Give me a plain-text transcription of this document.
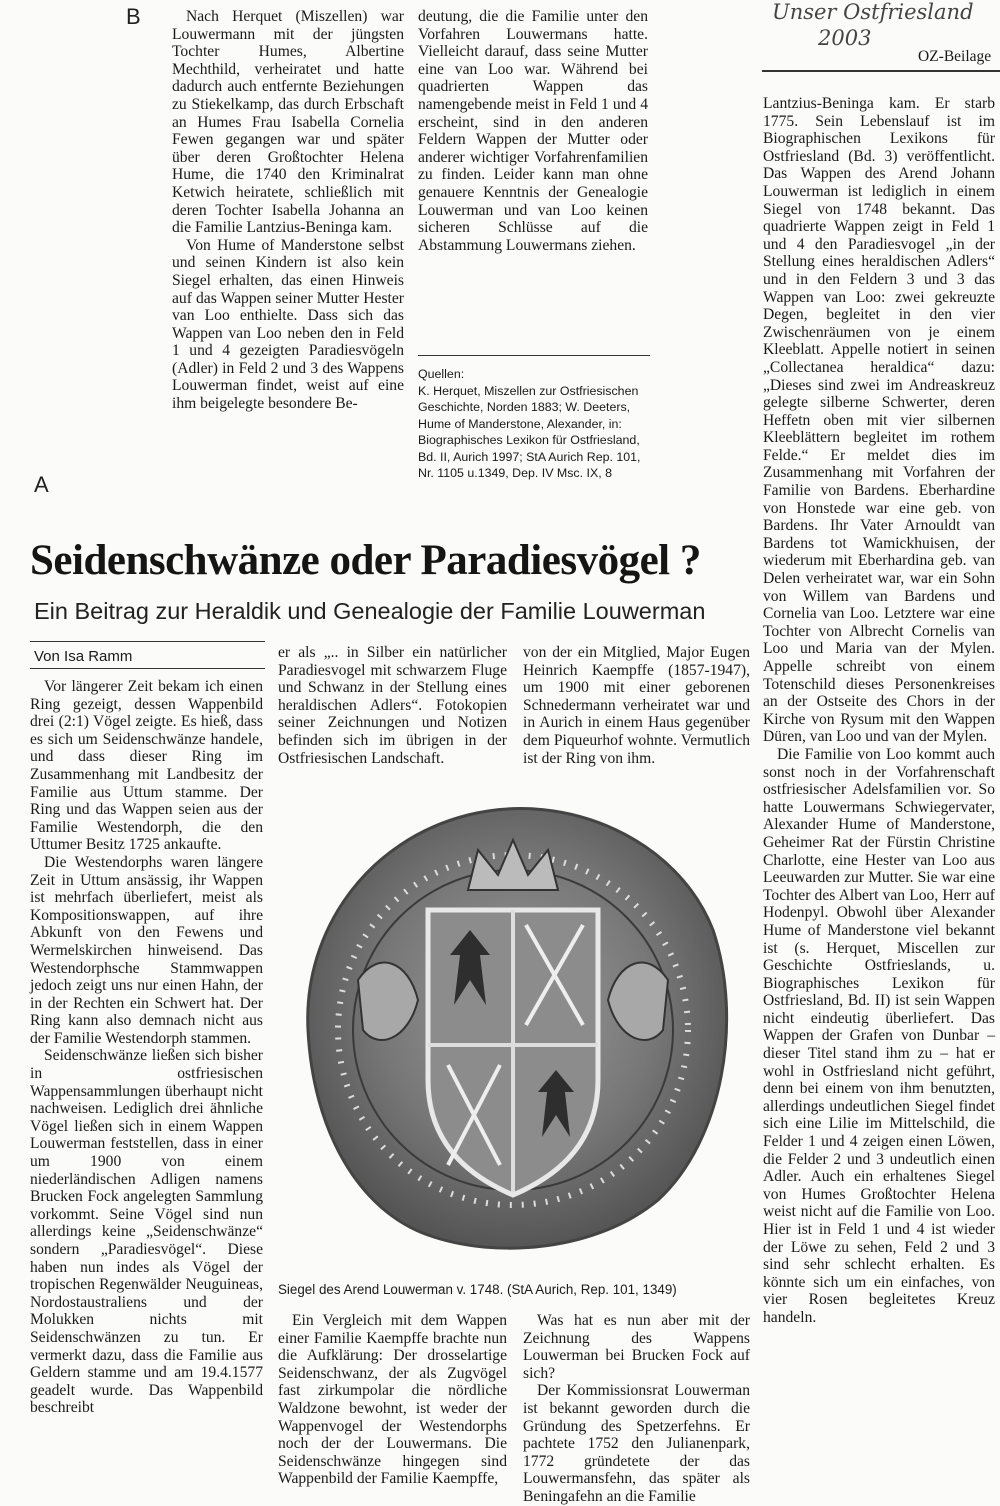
Unser Ostfriesland
2003
OZ-Beilage
B	Nach Herquet (Miszellen) war Louwermann mit der jüngsten Tochter Humes, Albertine Mechthild, verheiratet und hatte dadurch auch entfernte Beziehungen zu Stiekelkamp, das durch Erbschaft an Humes Frau Isabella Cornelia Fewen gegangen war und später über deren Großtochter Helena Hume, die 1740 den Kriminalrat Ketwich heiratete, schließlich mit deren Tochter Isabella Johanna an die Familie Lantzius-Beninga kam.

Von Hume of Manderstone selbst und seinen Kindern ist also kein Siegel erhalten, das einen Hinweis auf das Wappen seiner Mutter Hester van Loo enthielte. Dass sich das Wappen van Loo neben den in Feld 1 und 4 gezeigten Paradiesvögeln (Adler) in Feld 2 und 3 des Wappens Louwerman findet, weist auf eine ihm beigelegte besondere Be-

deutung, die die Familie unter den Vorfahren Louwermans hatte. Vielleicht darauf, dass seine Mutter eine van Loo war. Während bei quadrierten Wappen das namengebende meist in Feld 1 und 4 erscheint, sind in den anderen Feldern Wappen der Mutter oder anderer wichtiger Vorfahrenfamilien zu finden. Leider kann man ohne genauere Kenntnis der Genealogie Louwerman und van Loo keinen sicheren Schlüsse auf die Abstammung Louwermans ziehen.

Quellen:
K. Herquet, Miszellen zur Ostfriesischen Geschichte, Norden 1883; W. Deeters, Hume of Manderstone, Alexander, in: Biographisches Lexikon für Ostfriesland, Bd. II, Aurich 1997; StA Aurich Rep. 101, Nr. 1105 u.1349, Dep. IV Msc. IX, 8
A
Seidenschwänze oder Paradiesvögel ?
Ein Beitrag zur Heraldik und Genealogie der Familie Louwerman
Von Isa Ramm

Vor längerer Zeit bekam ich einen Ring gezeigt, dessen Wappenbild drei (2:1) Vögel zeigte. Es hieß, dass es sich um Seidenschwänze handele, und dass dieser Ring im Zusammenhang mit Landbesitz der Familie aus Uttum stamme. Der Ring und das Wappen seien aus der Familie Westendorph, die den Uttumer Besitz 1725 ankaufte.

Die Westendorphs waren längere Zeit in Uttum ansässig, ihr Wappen ist mehrfach überliefert, meist als Kompositionswappen, auf ihre Abkunft von den Fewens und Wermelskirchen hinweisend. Das Westendorphsche Stammwappen jedoch zeigt uns nur einen Hahn, der in der Rechten ein Schwert hat. Der Ring kann also demnach nicht aus der Familie Westendorph stammen.

Seidenschwänze ließen sich bisher in ostfriesischen Wappensammlungen überhaupt nicht nachweisen. Lediglich drei ähnliche Vögel ließen sich in einem Wappen Louwerman feststellen, dass in einer um 1900 von einem niederländischen Adligen namens Brucken Fock angelegten Sammlung vorkommt. Seine Vögel sind nun allerdings keine „Seidenschwänze“ sondern „Paradiesvögel“. Diese haben nun indes als Vögel der tropischen Regenwälder Neuguineas, Nordostaustraliens und der Molukken nichts mit Seidenschwänzen zu tun. Er vermerkt dazu, dass die Familie aus Geldern stamme und am 19.4.1577 geadelt wurde. Das Wappenbild beschreibt

er als „.. in Silber ein natürlicher Paradiesvogel mit schwarzem Fluge und Schwanz in der Stellung eines heraldischen Adlers“. Fotokopien seiner Zeichnungen und Notizen befinden sich im übrigen in der Ostfriesischen Landschaft.

von der ein Mitglied, Major Eugen Heinrich Kaempffe (1857-1947), um 1900 mit einer geborenen Schnedermann verheiratet war und in Aurich in einem Haus gegenüber dem Piqueurhof wohnte. Vermutlich ist der Ring von ihm.

Siegel des Arend Louwerman v. 1748. (StA Aurich, Rep. 101, 1349)

Ein Vergleich mit dem Wappen einer Familie Kaempffe brachte nun die Aufklärung: Der drosselartige Seidenschwanz, der als Zugvögel fast zirkumpolar die nördliche Waldzone bewohnt, ist weder der Wappenvogel der Westendorphs noch der der Louwermans. Die Seidenschwänze hingegen sind Wappenbild der Familie Kaempffe,

Was hat es nun aber mit der Zeichnung des Wappens Louwerman bei Brucken Fock auf sich?

Der Kommissionsrat Louwerman ist bekannt geworden durch die Gründung des Spetzerfehns. Er pachtete 1752 den Julianenpark, 1772 gründetete der das Louwermansfehn, das später als Beningafehn an die Familie

Lantzius-Beninga kam. Er starb 1775. Sein Lebenslauf ist im Biographischen Lexikons für Ostfriesland (Bd. 3) veröffentlicht. Das Wappen des Arend Johann Louwerman ist lediglich in einem Siegel von 1748 bekannt. Das quadrierte Wappen zeigt in Feld 1 und 4 den Paradiesvogel „in der Stellung eines heraldischen Adlers“ und in den Feldern 3 und 3 das Wappen van Loo: zwei gekreuzte Degen, begleitet in den vier Zwischenräumen von je einem Kleeblatt. Appelle notiert in seinen „Collectanea heraldica“ dazu: „Dieses sind zwei im Andreaskreuz gelegte silberne Schwerter, deren Heffetn oben mit vier silbernen Kleeblättern begleitet im rothem Felde.“ Er meldet dies im Zusammenhang mit Vorfahren der Familie von Bardens. Eberhardine von Honstede war eine geb. von Bardens. Ihr Vater Arnouldt van Bardens tot Wamickhuisen, der wiederum mit Eberhardina geb. van Delen verheiratet war, war ein Sohn von Willem van Bardens und Cornelia van Loo. Letztere war eine Tochter von Albrecht Cornelis van Loo und Maria van der Mylen. Appelle schreibt von einem Totenschild dieses Personenkreises an der Ostseite des Chors in der Kirche von Rysum mit den Wappen Düren, van Loo und van der Mylen.

Die Familie von Loo kommt auch sonst noch in der Vorfahrenschaft ostfriesischer Adelsfamilien vor. So hatte Louwermans Schwiegervater, Alexander Hume of Manderstone, Geheimer Rat der Fürstin Christine Charlotte, eine Hester van Loo aus Leeuwarden zur Mutter. Sie war eine Tochter des Albert van Loo, Herr auf Hodenpyl. Obwohl über Alexander Hume of Manderstone viel bekannt ist (s. Herquet, Miscellen zur Geschichte Ostfrieslands, u. Biographisches Lexikon für Ostfriesland, Bd. II) ist sein Wappen nicht eindeutig überliefert. Das Wappen der Grafen von Dunbar – dieser Titel stand ihm zu – hat er wohl in Ostfriesland nicht geführt, denn bei einem von ihm benutzten, allerdings undeutlichen Siegel findet sich eine Lilie im Mittelschild, die Felder 1 und 4 zeigen einen Löwen, die Felder 2 und 3 undeutlich einen Adler. Auch ein erhaltenes Siegel von Humes Großtochter Helena weist nicht auf die Familie von Loo. Hier ist in Feld 1 und 4 ist wieder der Löwe zu sehen, Feld 2 und 3 sind sehr schlecht erhalten. Es könnte sich um ein einfaches, von vier Rosen begleitetes Kreuz handeln.
